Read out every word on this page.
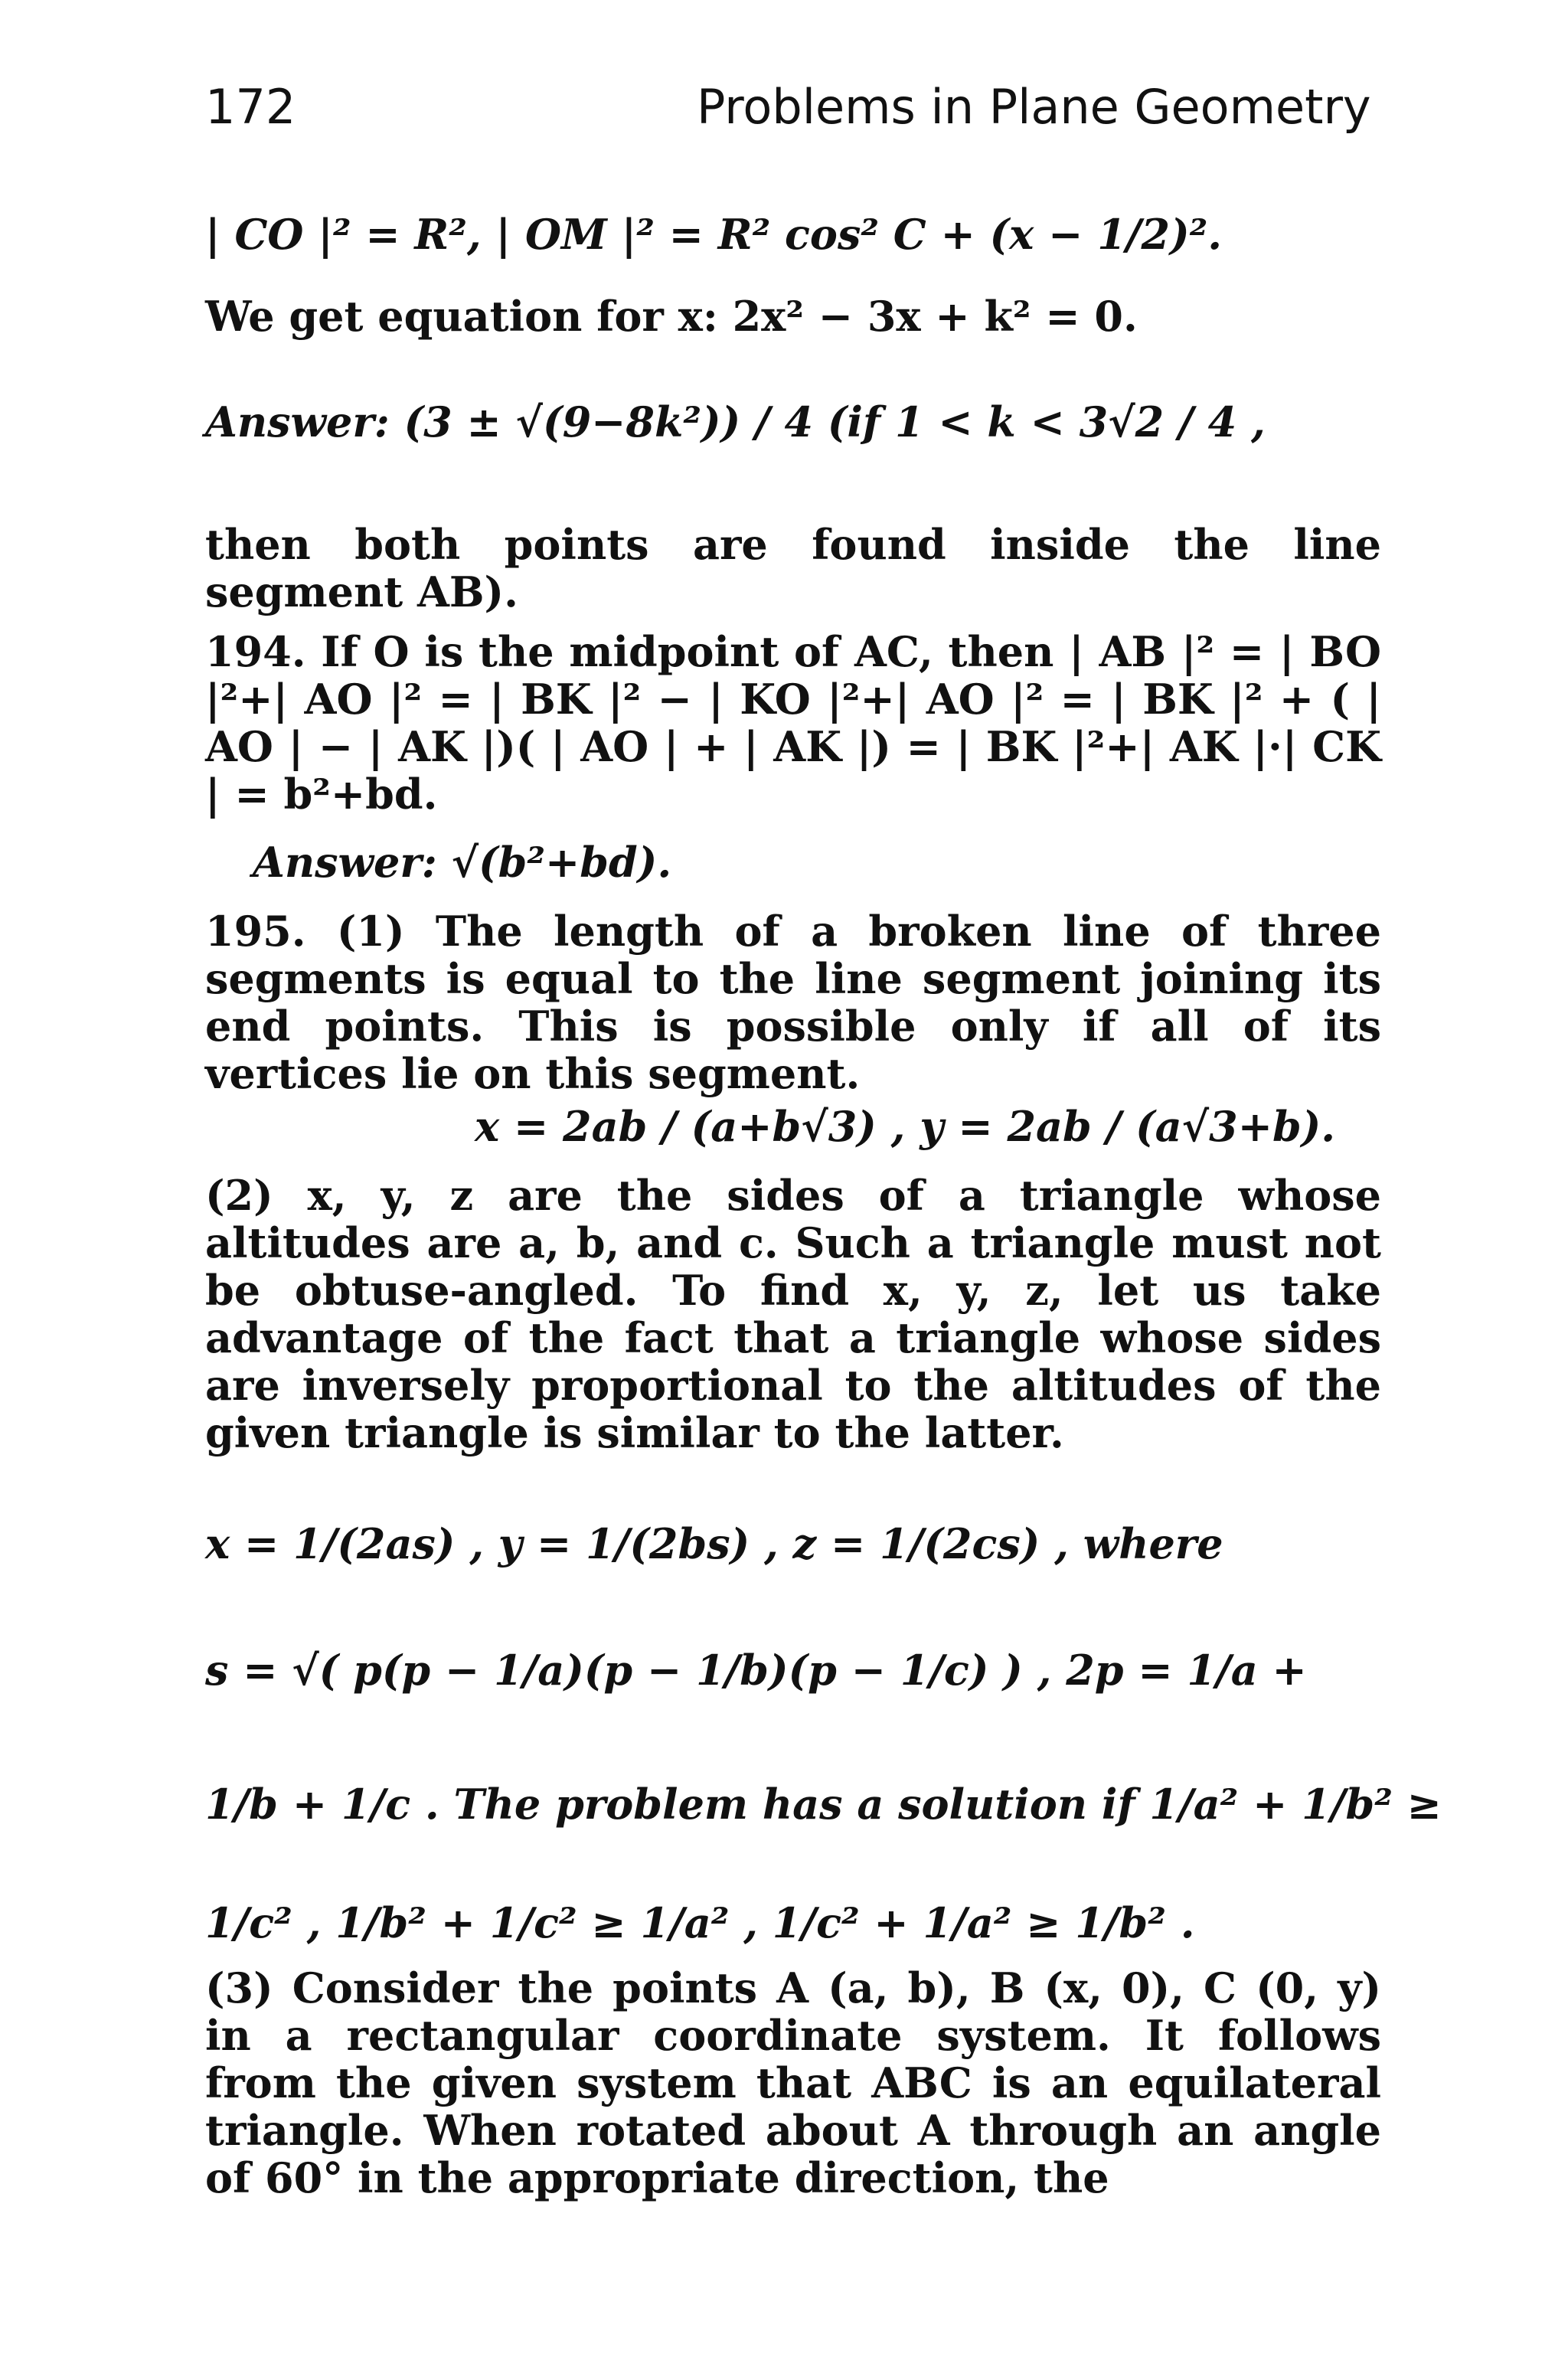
172	Problems in Plane Geometry
| CO |² = R², | OM |² = R² cos² C + (x − 1/2)².
We get equation for x: 2x² − 3x + k² = 0.
Answer: (3 ± √(9−8k²)) / 4 (if 1 < k < 3√2 / 4 ,
then both points are found inside the line segment AB).
194. If O is the midpoint of AC, then | AB |² = | BO |²+| AO |² = | BK |² − | KO |²+| AO |² = | BK |² + ( | AO | − | AK |)( | AO | + | AK |) = | BK |²+| AK |·| CK | = b²+bd.
Answer: √(b²+bd).
195. (1) The length of a broken line of three segments is equal to the line segment joining its end points. This is possible only if all of its vertices lie on this segment.
x = 2ab / (a+b√3) , y = 2ab / (a√3+b).
(2) x, y, z are the sides of a triangle whose altitudes are a, b, and c. Such a triangle must not be obtuse-angled. To find x, y, z, let us take advantage of the fact that a triangle whose sides are inversely proportional to the altitudes of the given triangle is similar to the latter.
x = 1/(2as) , y = 1/(2bs) , z = 1/(2cs) , where
s = √( p(p − 1/a)(p − 1/b)(p − 1/c) ) , 2p = 1/a +
1/b + 1/c . The problem has a solution if 1/a² + 1/b² ≥
1/c² , 1/b² + 1/c² ≥ 1/a² , 1/c² + 1/a² ≥ 1/b² .
(3) Consider the points A (a, b), B (x, 0), C (0, y) in a rectangular coordinate system. It follows from the given system that ABC is an equilateral triangle. When rotated about A through an angle of 60° in the appropriate direction, the
